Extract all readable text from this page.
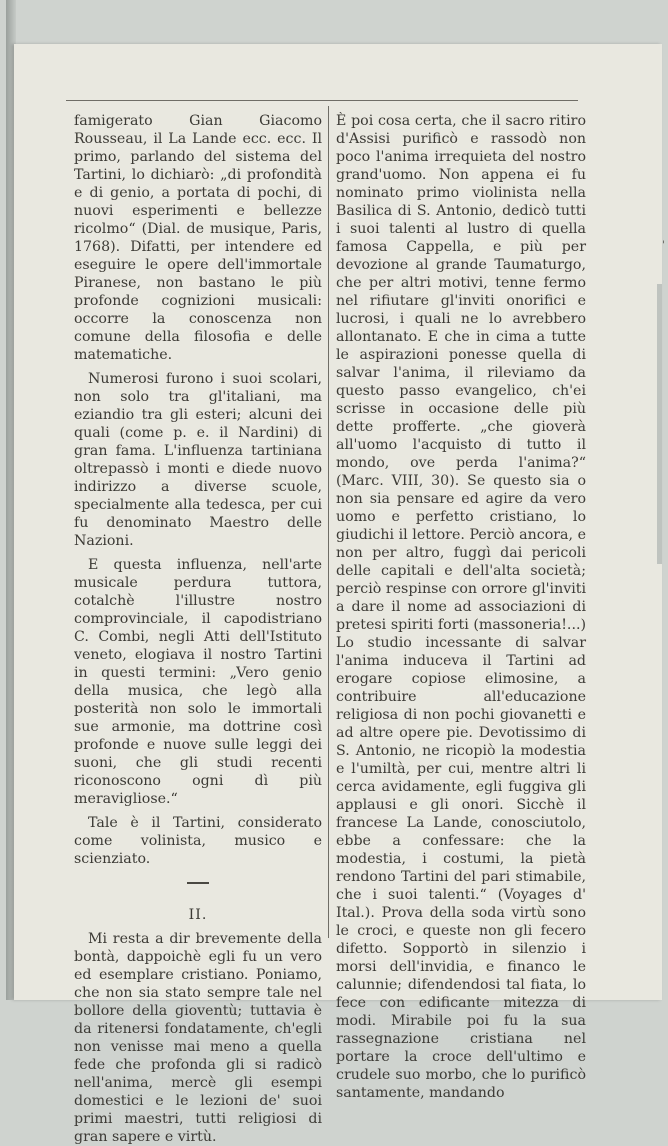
famigerato Gian Giacomo Rousseau, il La Lande ecc. ecc. Il primo, parlando del sistema del Tartini, lo dichiarò: „di profondità e di genio, a portata di pochi, di nuovi esperimenti e bellezze ricolmo“ (Dial. de musique, Paris, 1768). Difatti, per intendere ed eseguire le opere dell'immortale Piranese, non bastano le più profonde cognizioni musicali: occorre la conoscenza non comune della filosofia e delle matematiche.

Numerosi furono i suoi scolari, non solo tra gl'italiani, ma eziandio tra gli esteri; alcuni dei quali (come p. e. il Nardini) di gran fama. L'influenza tartiniana oltrepassò i monti e diede nuovo indirizzo a diverse scuole, specialmente alla tedesca, per cui fu denominato Maestro delle Nazioni.

E questa influenza, nell'arte musicale perdura tuttora, cotalchè l'illustre nostro comprovinciale, il capodistriano C. Combi, negli Atti dell'Istituto veneto, elogiava il nostro Tartini in questi termini: „Vero genio della musica, che legò alla posterità non solo le immortali sue armonie, ma dottrine così profonde e nuove sulle leggi dei suoni, che gli studi recenti riconoscono ogni dì più meravigliose.“

Tale è il Tartini, considerato come volinista, musico e scienziato.

II.

Mi resta a dir brevemente della bontà, dappoichè egli fu un vero ed esemplare cristiano. Poniamo, che non sia stato sempre tale nel bollore della gioventù; tuttavia è da ritenersi fondatamente, ch'egli non venisse mai meno a quella fede che profonda gli si radicò nell'anima, mercè gli esempi domestici e le lezioni de' suoi primi maestri, tutti religiosi di gran sapere e virtù.

È poi cosa certa, che il sacro ritiro d'Assisi purificò e rassodò non poco l'anima irrequieta del nostro grand'uomo. Non appena ei fu nominato primo violinista nella Basilica di S. Antonio, dedicò tutti i suoi talenti al lustro di quella famosa Cappella, e più per devozione al grande Taumaturgo, che per altri motivi, tenne fermo nel rifiutare gl'inviti onorifici e lucrosi, i quali ne lo avrebbero allontanato. E che in cima a tutte le aspirazioni ponesse quella di salvar l'anima, il rileviamo da questo passo evangelico, ch'ei scrisse in occasione delle più dette profferte. „che gioverà all'uomo l'acquisto di tutto il mondo, ove perda l'anima?“ (Marc. VIII, 30). Se questo sia o non sia pensare ed agire da vero uomo e perfetto cristiano, lo giudichi il lettore. Perciò ancora, e non per altro, fuggì dai pericoli delle capitali e dell'alta società; perciò respinse con orrore gl'inviti a dare il nome ad associazioni di pretesi spiriti forti (massoneria!...) Lo studio incessante di salvar l'anima induceva il Tartini ad erogare copiose elimosine, a contribuire all'educazione religiosa di non pochi giovanetti e ad altre opere pie. Devotissimo di S. Antonio, ne ricopiò la modestia e l'umiltà, per cui, mentre altri li cerca avidamente, egli fuggiva gli applausi e gli onori. Sicchè il francese La Lande, conosciutolo, ebbe a confessare: che la modestia, i costumi, la pietà rendono Tartini del pari stimabile, che i suoi talenti.“ (Voyages d' Ital.). Prova della soda virtù sono le croci, e queste non gli fecero difetto. Sopportò in silenzio i morsi dell'invidia, e financo le calunnie; difendendosi tal fiata, lo fece con edificante mitezza di modi. Mirabile poi fu la sua rassegnazione cristiana nel portare la croce dell'ultimo e crudele suo morbo, che lo purificò santamente, mandando

'
